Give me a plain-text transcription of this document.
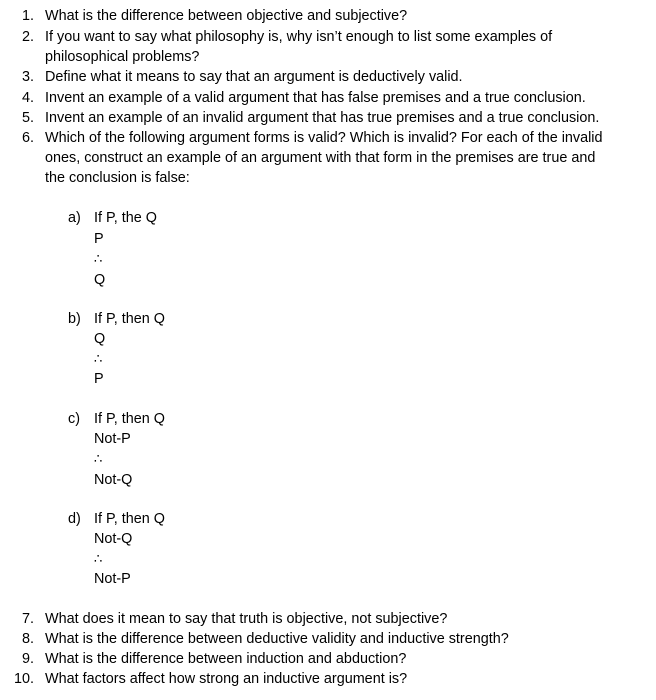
1. What is the difference between objective and subjective?
2. If you want to say what philosophy is, why isn’t enough to list some examples of
philosophical problems?
3. Define what it means to say that an argument is deductively valid.
4. Invent an example of a valid argument that has false premises and a true conclusion.
5. Invent an example of an invalid argument that has true premises and a true conclusion.
6. Which of the following argument forms is valid? Which is invalid? For each of the invalid
ones, construct an example of an argument with that form in the premises are true and
the conclusion is false:
a) If P, the Q
P
∴
Q
b) If P, then Q
Q
∴
P
c) If P, then Q
Not-P
∴
Not-Q
d) If P, then Q
Not-Q
∴
Not-P
7. What does it mean to say that truth is objective, not subjective?
8. What is the difference between deductive validity and inductive strength?
9. What is the difference between induction and abduction?
10. What factors affect how strong an inductive argument is?
